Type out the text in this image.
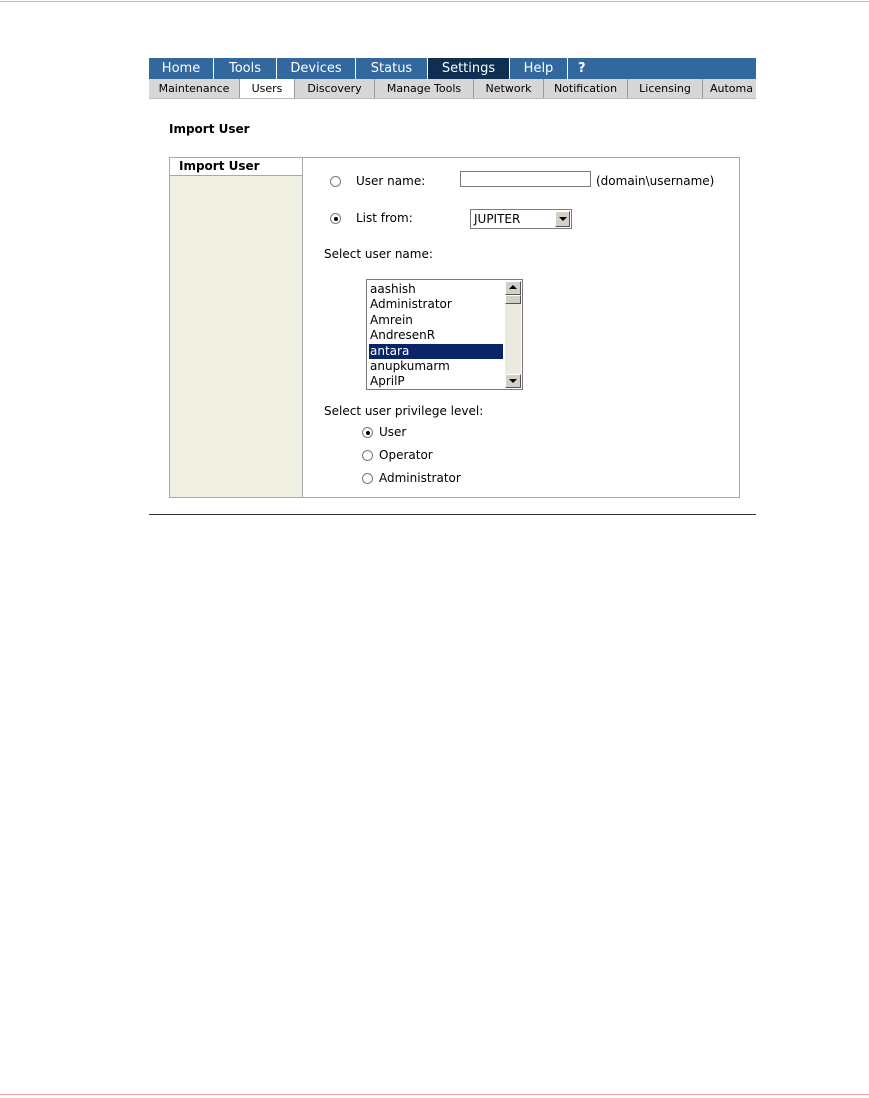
Home	Tools	Devices	Status	Settings	Help	?
Maintenance	Users	Discovery	Manage Tools	Network	Notification	Licensing	Automa
Import User
Import User
User name:	(domain\username)
List from:	JUPITER
Select user name:
aashish
Administrator
Amrein
AndresenR
antara
anupkumarm
AprilP
Select user privilege level:
User
Operator
Administrator
